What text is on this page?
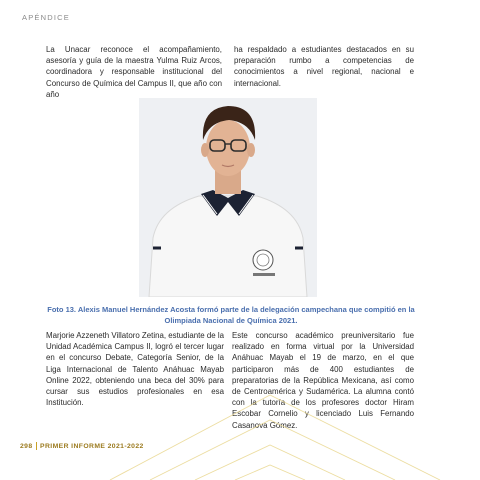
APÉNDICE

La Unacar reconoce el acompañamiento, asesoría y guía de la maestra Yulma Ruiz Arcos, coordinadora y responsable institucional del Concurso de Química del Campus II, que año con año

ha respaldado a estudiantes destacados en su preparación rumbo a competencias de conocimientos a nivel regional, nacional e internacional.

Foto 13. Alexis Manuel Hernández Acosta formó parte de la delegación campechana que compitió en la Olimpiada Nacional de Química 2021.

Marjorie Azzeneth Villatoro Zetina, estudiante de la Unidad Académica Campus II, logró el tercer lugar en el concurso Debate, Categoría Senior, de la Liga Internacional de Talento Anáhuac Mayab Online 2022, obteniendo una beca del 30% para cursar sus estudios profesionales en esa Institución.

Este concurso académico preuniversitario fue realizado en forma virtual por la Universidad Anáhuac Mayab el 19 de marzo, en el que participaron más de 400 estudiantes de preparatorias de la República Mexicana, así como de Centroamérica y Sudamérica. La alumna contó con la tutoría de los profesores doctor Hiram Escobar Cornelio y licenciado Luis Fernando Casanova Gómez.

298 PRIMER INFORME 2021-2022
